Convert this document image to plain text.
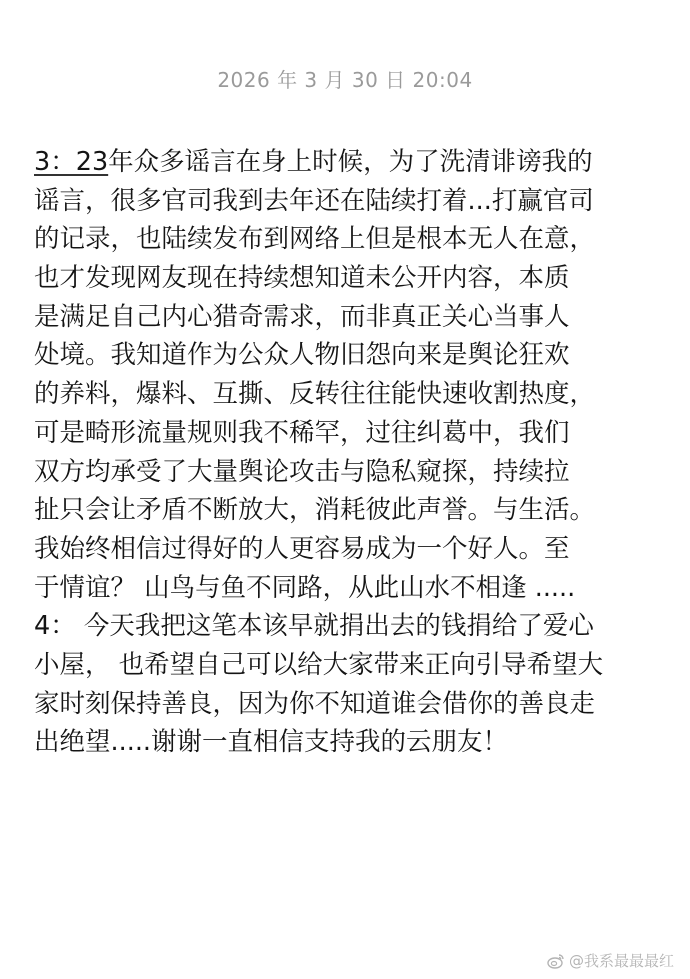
2026 年 3 月 30 日 20:04
3：23年众多谣言在身上时候，为了洗清诽谤我的
谣言，很多官司我到去年还在陆续打着...打赢官司
的记录，也陆续发布到网络上但是根本无人在意，
也才发现网友现在持续想知道未公开内容，本质
是满足自己内心猎奇需求，而非真正关心当事人
处境。我知道作为公众人物旧怨向来是舆论狂欢
的养料，爆料、互撕、反转往往能快速收割热度，
可是畸形流量规则我不稀罕，过往纠葛中，我们
双方均承受了大量舆论攻击与隐私窥探，持续拉
扯只会让矛盾不断放大，消耗彼此声誉。与生活。
我始终相信过得好的人更容易成为一个好人。至
于情谊？ 山鸟与鱼不同路，从此山水不相逢 .....
4： 今天我把这笔本该早就捐出去的钱捐给了爱心
小屋， 也希望自己可以给大家带来正向引导希望大
家时刻保持善良，因为你不知道谁会借你的善良走
出绝望.....谢谢一直相信支持我的云朋友！
@我系最最最红
